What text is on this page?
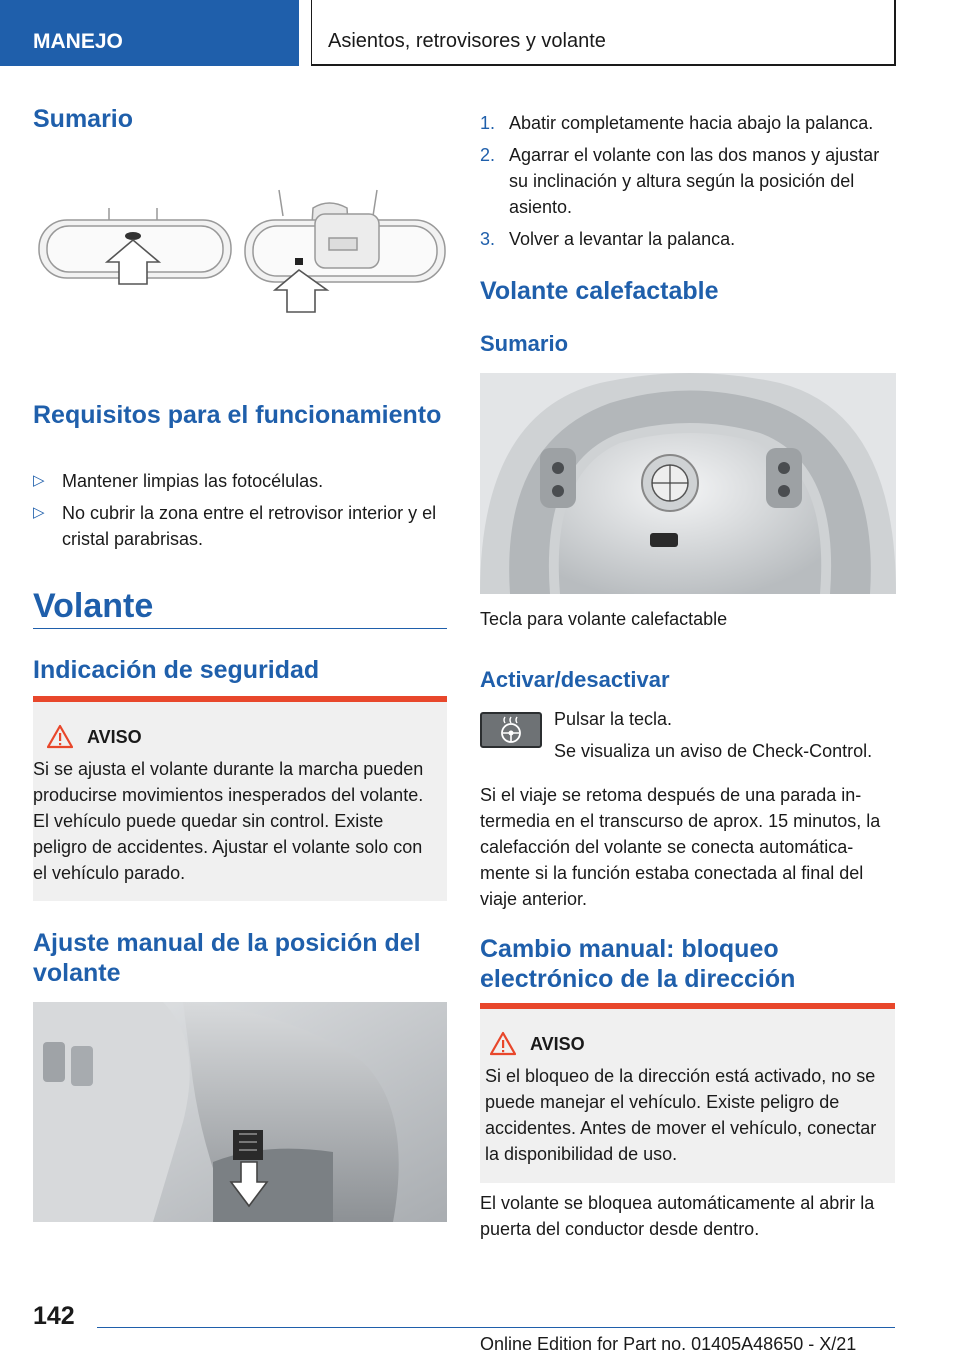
MANEJO	Asientos, retrovisores y volante
Sumario
Requisitos para el funcionamiento
▷ Mantener limpias las fotocélulas.
▷ No cubrir la zona entre el retrovisor interior y el cristal parabrisas.
Volante
Indicación de seguridad
AVISO
Si se ajusta el volante durante la marcha pueden producirse movimientos inesperados del volante. El vehículo puede quedar sin control. Existe peligro de accidentes. Ajustar el volante solo con el vehículo parado.
Ajuste manual de la posición del volante
1. Abatir completamente hacia abajo la palanca.
2. Agarrar el volante con las dos manos y ajustar su inclinación y altura según la posición del asiento.
3. Volver a levantar la palanca.
Volante calefactable
Sumario
Tecla para volante calefactable
Activar/desactivar
Pulsar la tecla.
Se visualiza un aviso de Check-Control.
Si el viaje se retoma después de una parada intermedia en el transcurso de aprox. 15 minutos, la calefacción del volante se conecta automáticamente si la función estaba conectada al final del viaje anterior.
Cambio manual: bloqueo electrónico de la dirección
AVISO
Si el bloqueo de la dirección está activado, no se puede manejar el vehículo. Existe peligro de accidentes. Antes de mover el vehículo, conectar la disponibilidad de uso.
El volante se bloquea automáticamente al abrir la puerta del conductor desde dentro.
142
Online Edition for Part no. 01405A48650 - X/21
